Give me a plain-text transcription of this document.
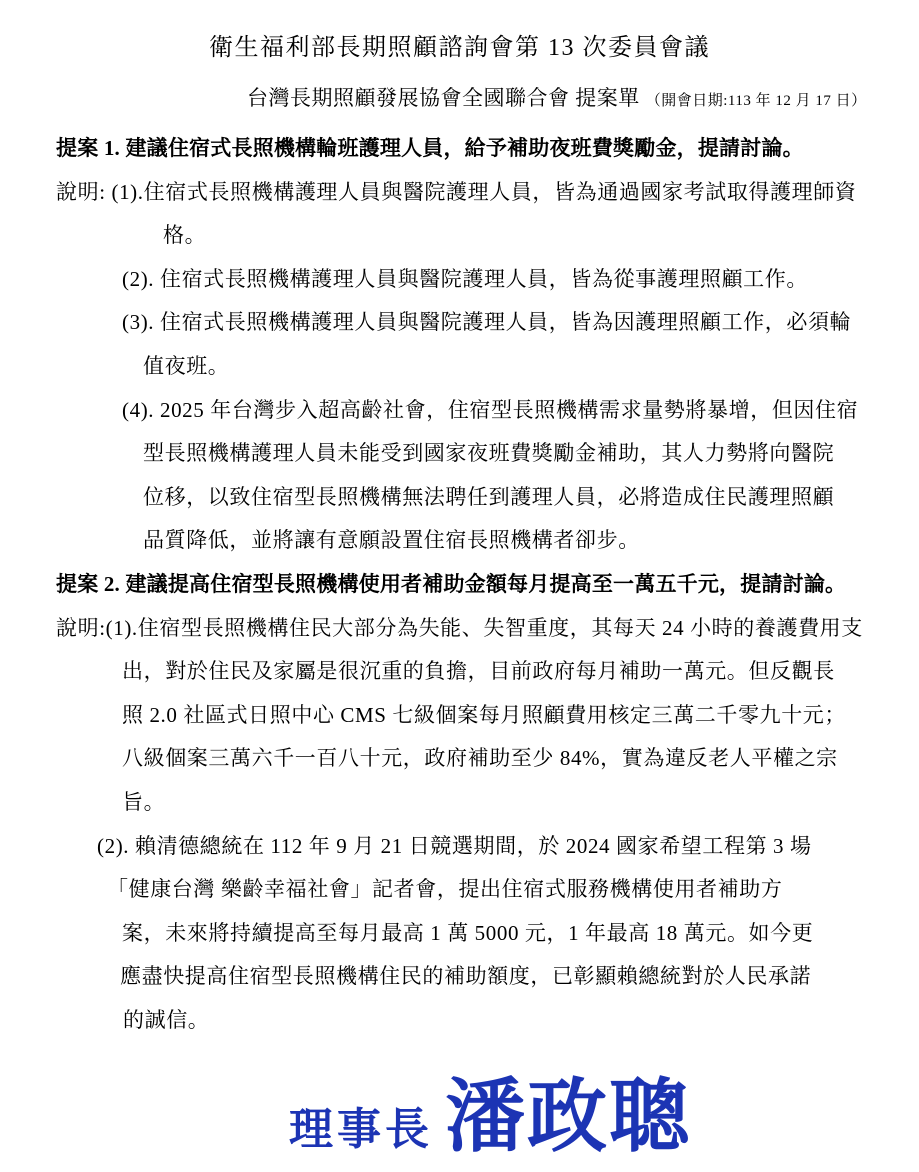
衛生福利部長期照顧諮詢會第 13 次委員會議
台灣長期照顧發展協會全國聯合會 提案單 （開會日期:113 年 12 月 17 日）
提案 1. 建議住宿式長照機構輪班護理人員，給予補助夜班費獎勵金，提請討論。
說明: (1).住宿式長照機構護理人員與醫院護理人員，皆為通過國家考試取得護理師資
格。
(2). 住宿式長照機構護理人員與醫院護理人員，皆為從事護理照顧工作。
(3). 住宿式長照機構護理人員與醫院護理人員，皆為因護理照顧工作，必須輪
值夜班。
(4). 2025 年台灣步入超高齡社會，住宿型長照機構需求量勢將暴增，但因住宿
型長照機構護理人員未能受到國家夜班費獎勵金補助，其人力勢將向醫院
位移，以致住宿型長照機構無法聘任到護理人員，必將造成住民護理照顧
品質降低，並將讓有意願設置住宿長照機構者卻步。
提案 2. 建議提高住宿型長照機構使用者補助金額每月提高至一萬五千元，提請討論。
說明:(1).住宿型長照機構住民大部分為失能、失智重度，其每天 24 小時的養護費用支
出，對於住民及家屬是很沉重的負擔，目前政府每月補助一萬元。但反觀長
照 2.0 社區式日照中心 CMS 七級個案每月照顧費用核定三萬二千零九十元；
八級個案三萬六千一百八十元，政府補助至少 84%，實為違反老人平權之宗
旨。
(2). 賴清德總統在 112 年 9 月 21 日競選期間，於 2024 國家希望工程第 3 場
「健康台灣 樂齡幸福社會」記者會，提出住宿式服務機構使用者補助方
案，未來將持續提高至每月最高 1 萬 5000 元，1 年最高 18 萬元。如今更
應盡快提高住宿型長照機構住民的補助額度，已彰顯賴總統對於人民承諾
的誠信。
理事長 潘政聰
